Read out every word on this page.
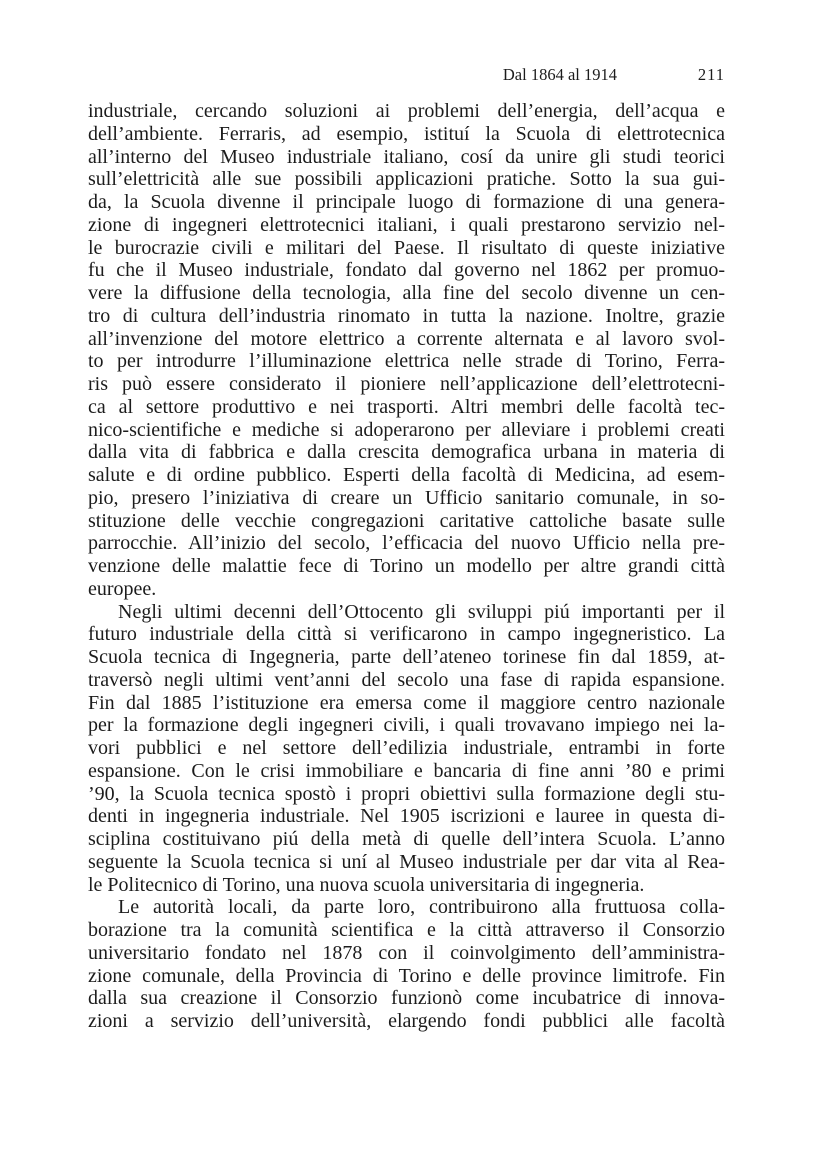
Dal 1864 al 1914	211
industriale, cercando soluzioni ai problemi dell’energia, dell’acqua e
dell’ambiente. Ferraris, ad esempio, istituí la Scuola di elettrotecnica
all’interno del Museo industriale italiano, cosí da unire gli studi teorici
sull’elettricità alle sue possibili applicazioni pratiche. Sotto la sua gui-
da, la Scuola divenne il principale luogo di formazione di una genera-
zione di ingegneri elettrotecnici italiani, i quali prestarono servizio nel-
le burocrazie civili e militari del Paese. Il risultato di queste iniziative
fu che il Museo industriale, fondato dal governo nel 1862 per promuo-
vere la diffusione della tecnologia, alla fine del secolo divenne un cen-
tro di cultura dell’industria rinomato in tutta la nazione. Inoltre, grazie
all’invenzione del motore elettrico a corrente alternata e al lavoro svol-
to per introdurre l’illuminazione elettrica nelle strade di Torino, Ferra-
ris può essere considerato il pioniere nell’applicazione dell’elettrotecni-
ca al settore produttivo e nei trasporti. Altri membri delle facoltà tec-
nico-scientifiche e mediche si adoperarono per alleviare i problemi creati
dalla vita di fabbrica e dalla crescita demografica urbana in materia di
salute e di ordine pubblico. Esperti della facoltà di Medicina, ad esem-
pio, presero l’iniziativa di creare un Ufficio sanitario comunale, in so-
stituzione delle vecchie congregazioni caritative cattoliche basate sulle
parrocchie. All’inizio del secolo, l’efficacia del nuovo Ufficio nella pre-
venzione delle malattie fece di Torino un modello per altre grandi città
europee.
Negli ultimi decenni dell’Ottocento gli sviluppi piú importanti per il
futuro industriale della città si verificarono in campo ingegneristico. La
Scuola tecnica di Ingegneria, parte dell’ateneo torinese fin dal 1859, at-
traversò negli ultimi vent’anni del secolo una fase di rapida espansione.
Fin dal 1885 l’istituzione era emersa come il maggiore centro nazionale
per la formazione degli ingegneri civili, i quali trovavano impiego nei la-
vori pubblici e nel settore dell’edilizia industriale, entrambi in forte
espansione. Con le crisi immobiliare e bancaria di fine anni ’80 e primi
’90, la Scuola tecnica spostò i propri obiettivi sulla formazione degli stu-
denti in ingegneria industriale. Nel 1905 iscrizioni e lauree in questa di-
sciplina costituivano piú della metà di quelle dell’intera Scuola. L’anno
seguente la Scuola tecnica si uní al Museo industriale per dar vita al Rea-
le Politecnico di Torino, una nuova scuola universitaria di ingegneria.
Le autorità locali, da parte loro, contribuirono alla fruttuosa colla-
borazione tra la comunità scientifica e la città attraverso il Consorzio
universitario fondato nel 1878 con il coinvolgimento dell’amministra-
zione comunale, della Provincia di Torino e delle province limitrofe. Fin
dalla sua creazione il Consorzio funzionò come incubatrice di innova-
zioni a servizio dell’università, elargendo fondi pubblici alle facoltà
